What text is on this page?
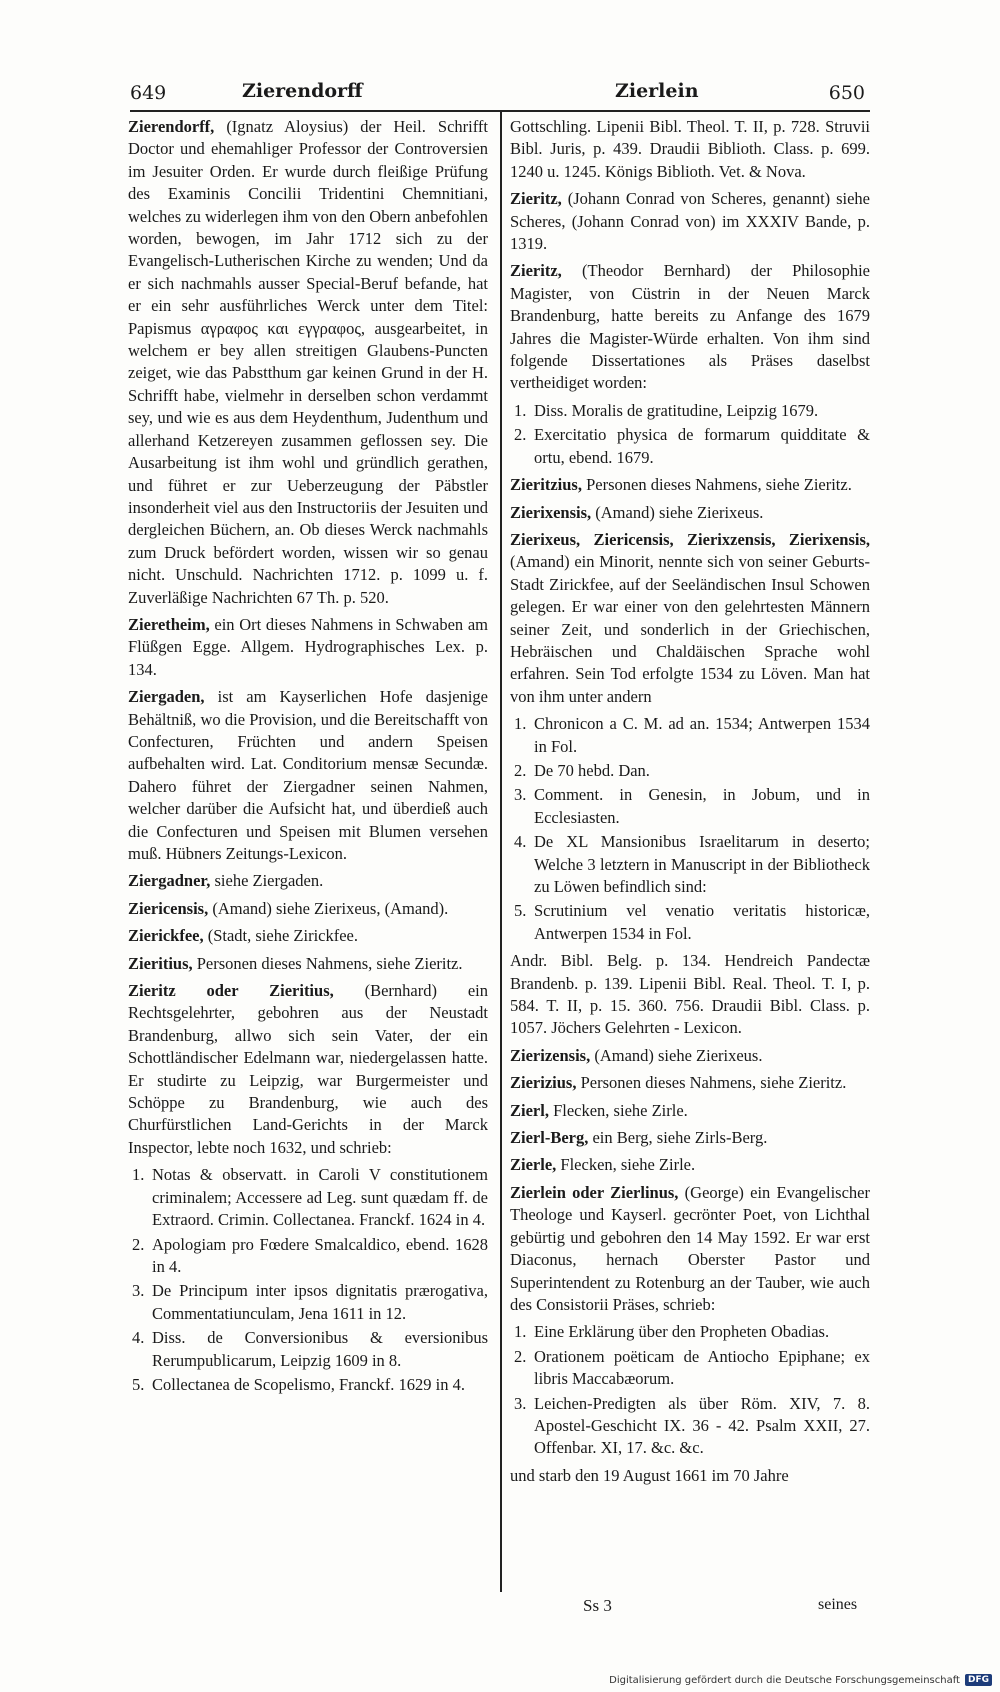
649	Zierendorff	Zierlein	650

Zierendorff, (Ignatz Aloysius) der Heil. Schrifft Doctor und ehemahliger Professor der Controversien im Jesuiter Orden. Er wurde durch fleißige Prüfung des Examinis Concilii Tridentini Chemnitiani, welches zu widerlegen ihm von den Obern anbefohlen worden, bewogen, im Jahr 1712 sich zu der Evangelisch-Lutherischen Kirche zu wenden; Und da er sich nachmahls ausser Special-Beruf befande, hat er ein sehr ausführliches Werck unter dem Titel: Papismus αγραφος και εγγραφος, ausgearbeitet, in welchem er bey allen streitigen Glaubens-Puncten zeiget, wie das Pabstthum gar keinen Grund in der H. Schrifft habe, vielmehr in derselben schon verdammt sey, und wie es aus dem Heydenthum, Judenthum und allerhand Ketzereyen zusammen geflossen sey. Die Ausarbeitung ist ihm wohl und gründlich gerathen, und führet er zur Ueberzeugung der Päbstler insonderheit viel aus den Instructoriis der Jesuiten und dergleichen Büchern, an. Ob dieses Werck nachmahls zum Druck befördert worden, wissen wir so genau nicht. Unschuld. Nachrichten 1712. p. 1099 u. f. Zuverläßige Nachrichten 67 Th. p. 520.

Zieretheim, ein Ort dieses Nahmens in Schwaben am Flüßgen Egge. Allgem. Hydrographisches Lex. p. 134.

Ziergaden, ist am Kayserlichen Hofe dasjenige Behältniß, wo die Provision, und die Bereitschafft von Confecturen, Früchten und andern Speisen aufbehalten wird. Lat. Conditorium mensæ Secundæ. Dahero führet der Ziergadner seinen Nahmen, welcher darüber die Aufsicht hat, und überdieß auch die Confecturen und Speisen mit Blumen versehen muß. Hübners Zeitungs-Lexicon.

Ziergadner, siehe Ziergaden.

Ziericensis, (Amand) siehe Zierixeus, (Amand).

Zierickfee, (Stadt, siehe Zirickfee.

Zieritius, Personen dieses Nahmens, siehe Zieritz.

Zieritz oder Zieritius, (Bernhard) ein Rechtsgelehrter, gebohren aus der Neustadt Brandenburg, allwo sich sein Vater, der ein Schottländischer Edelmann war, niedergelassen hatte. Er studirte zu Leipzig, war Burgermeister und Schöppe zu Brandenburg, wie auch des Churfürstlichen Land-Gerichts in der Marck Inspector, lebte noch 1632, und schrieb:

1. Notas & observatt. in Caroli V constitutionem criminalem; Accessere ad Leg. sunt quædam ff. de Extraord. Crimin. Collectanea. Franckf. 1624 in 4.
2. Apologiam pro Fœdere Smalcaldico, ebend. 1628 in 4.
3. De Principum inter ipsos dignitatis prærogativa, Commentatiunculam, Jena 1611 in 12.
4. Diss. de Conversionibus & eversionibus Rerumpublicarum, Leipzig 1609 in 8.
5. Collectanea de Scopelismo, Franckf. 1629 in 4.

Gottschling. Lipenii Bibl. Theol. T. II, p. 728. Struvii Bibl. Juris, p. 439. Draudii Biblioth. Class. p. 699. 1240 u. 1245. Königs Biblioth. Vet. & Nova.

Zieritz, (Johann Conrad von Scheres, genannt) siehe Scheres, (Johann Conrad von) im XXXIV Bande, p. 1319.

Zieritz, (Theodor Bernhard) der Philosophie Magister, von Cüstrin in der Neuen Marck Brandenburg, hatte bereits zu Anfange des 1679 Jahres die Magister-Würde erhalten. Von ihm sind folgende Dissertationes als Präses daselbst vertheidiget worden:

1. Diss. Moralis de gratitudine, Leipzig 1679.
2. Exercitatio physica de formarum quidditate & ortu, ebend. 1679.

Zieritzius, Personen dieses Nahmens, siehe Zieritz.

Zierixensis, (Amand) siehe Zierixeus.

Zierixeus, Ziericensis, Zierixzensis, Zierixensis, (Amand) ein Minorit, nennte sich von seiner Geburts-Stadt Zirickfee, auf der Seeländischen Insul Schowen gelegen. Er war einer von den gelehrtesten Männern seiner Zeit, und sonderlich in der Griechischen, Hebräischen und Chaldäischen Sprache wohl erfahren. Sein Tod erfolgte 1534 zu Löven. Man hat von ihm unter andern

1. Chronicon a C. M. ad an. 1534; Antwerpen 1534 in Fol.
2. De 70 hebd. Dan.
3. Comment. in Genesin, in Jobum, und in Ecclesiasten.
4. De XL Mansionibus Israelitarum in deserto; Welche 3 letztern in Manuscript in der Bibliotheck zu Löwen befindlich sind:
5. Scrutinium vel venatio veritatis historicæ, Antwerpen 1534 in Fol.

Andr. Bibl. Belg. p. 134. Hendreich Pandectæ Brandenb. p. 139. Lipenii Bibl. Real. Theol. T. I, p. 584. T. II, p. 15. 360. 756. Draudii Bibl. Class. p. 1057. Jöchers Gelehrten - Lexicon.

Zierizensis, (Amand) siehe Zierixeus.

Zierizius, Personen dieses Nahmens, siehe Zieritz.

Zierl, Flecken, siehe Zirle.

Zierl-Berg, ein Berg, siehe Zirls-Berg.

Zierle, Flecken, siehe Zirle.

Zierlein oder Zierlinus, (George) ein Evangelischer Theologe und Kayserl. gecrönter Poet, von Lichthal gebürtig und gebohren den 14 May 1592. Er war erst Diaconus, hernach Oberster Pastor und Superintendent zu Rotenburg an der Tauber, wie auch des Consistorii Präses, schrieb:

1. Eine Erklärung über den Propheten Obadias.
2. Orationem poëticam de Antiocho Epiphane; ex libris Maccabæorum.
3. Leichen-Predigten als über Röm. XIV, 7. 8. Apostel-Geschicht IX. 36 - 42. Psalm XXII, 27. Offenbar. XI, 17. &c. &c.

und starb den 19 August 1661 im 70 Jahre

Ss 3	seines
Digitalisierung gefördert durch die Deutsche Forschungsgemeinschaft DFG
